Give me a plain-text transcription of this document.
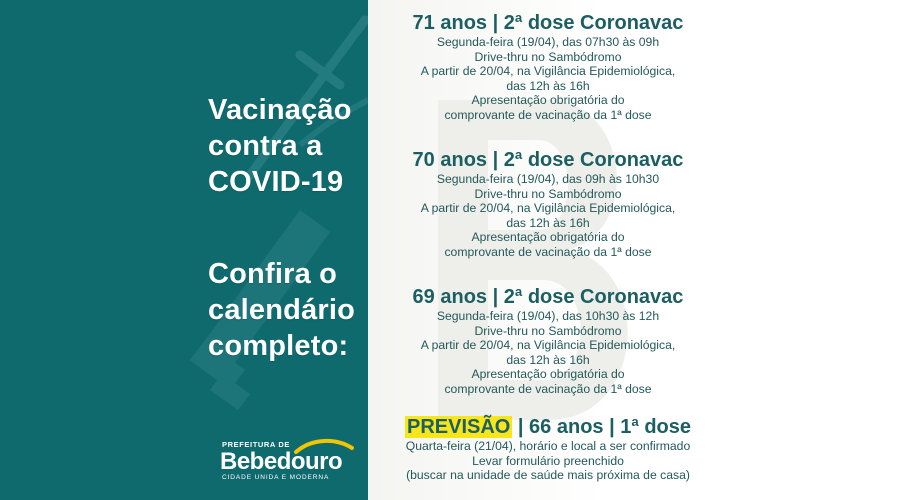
Vacinação
contra a
COVID-19
Confira o
calendário
completo:
PREFEITURA DE
Bebedouro
CIDADE UNIDA E MODERNA
71 anos | 2ª dose Coronavac

Segunda-feira (19/04), das 07h30 às 09h

Drive-thru no Sambódromo

A partir de 20/04, na Vigilância Epidemiológica,

das 12h às 16h

Apresentação obrigatória do

comprovante de vacinação da 1ª dose

70 anos | 2ª dose Coronavac

Segunda-feira (19/04), das 09h às 10h30

Drive-thru no Sambódromo

A partir de 20/04, na Vigilância Epidemiológica,

das 12h às 16h

Apresentação obrigatória do

comprovante de vacinação da 1ª dose

69 anos | 2ª dose Coronavac

Segunda-feira (19/04), das 10h30 às 12h

Drive-thru no Sambódromo

A partir de 20/04, na Vigilância Epidemiológica,

das 12h às 16h

Apresentação obrigatória do

comprovante de vacinação da 1ª dose

PREVISÃO | 66 anos | 1ª dose

Quarta-feira (21/04), horário e local a ser confirmado

Levar formulário preenchido

(buscar na unidade de saúde mais próxima de casa)
